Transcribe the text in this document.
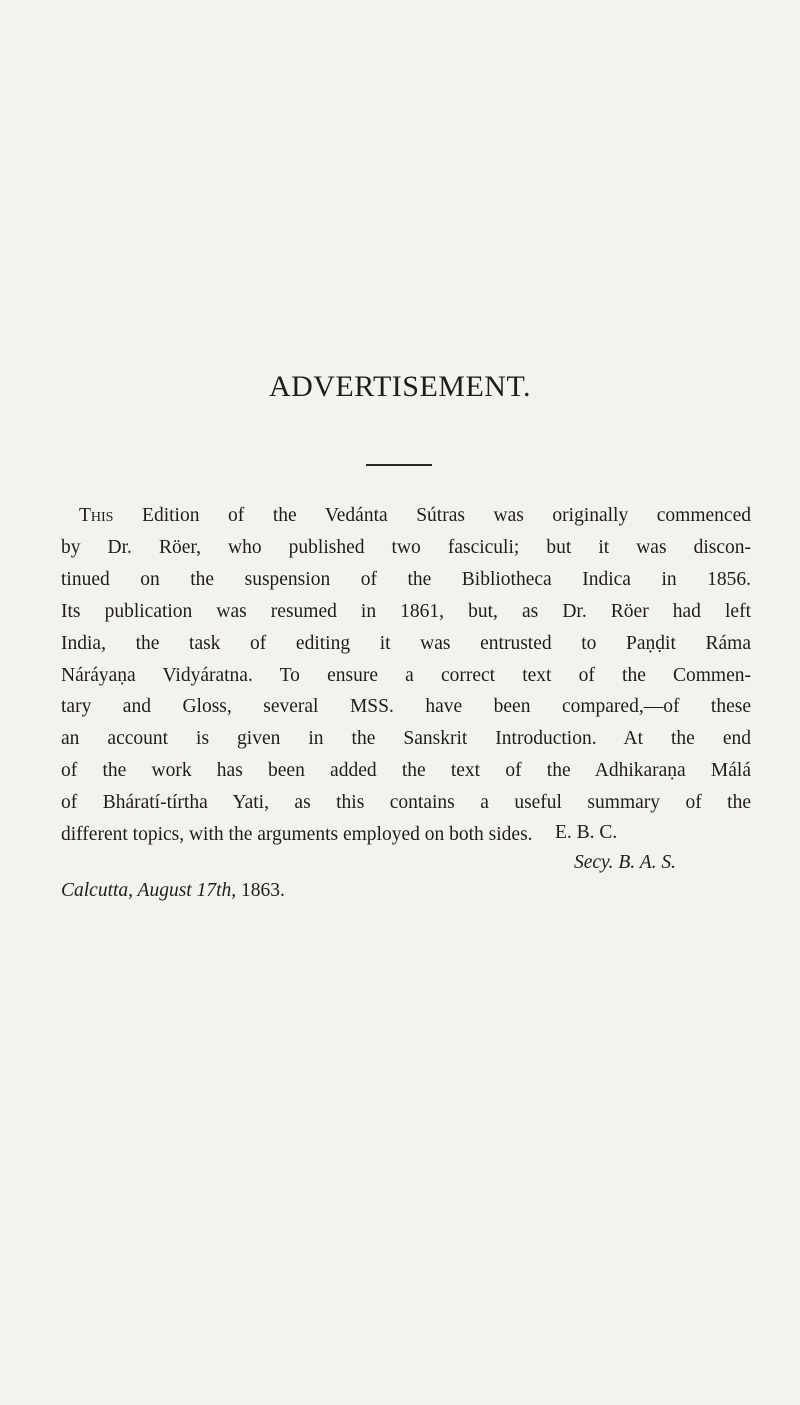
ADVERTISEMENT.
This Edition of the Vedánta Sútras was originally commenced
by Dr. Röer, who published two fasciculi; but it was discon-
tinued on the suspension of the Bibliotheca Indica in 1856.
Its publication was resumed in 1861, but, as Dr. Röer had left
India, the task of editing it was entrusted to Paṇḍit Ráma
Náráyaṇa Vidyáratna. To ensure a correct text of the Commen-
tary and Gloss, several MSS. have been compared,—of these
an account is given in the Sanskrit Introduction. At the end
of the work has been added the text of the Adhikaraṇa Málá
of Bháratí-tírtha Yati, as this contains a useful summary of the
different topics, with the arguments employed on both sides.	E. B. C.

Secy. B. A. S.

Calcutta, August 17th, 1863.
